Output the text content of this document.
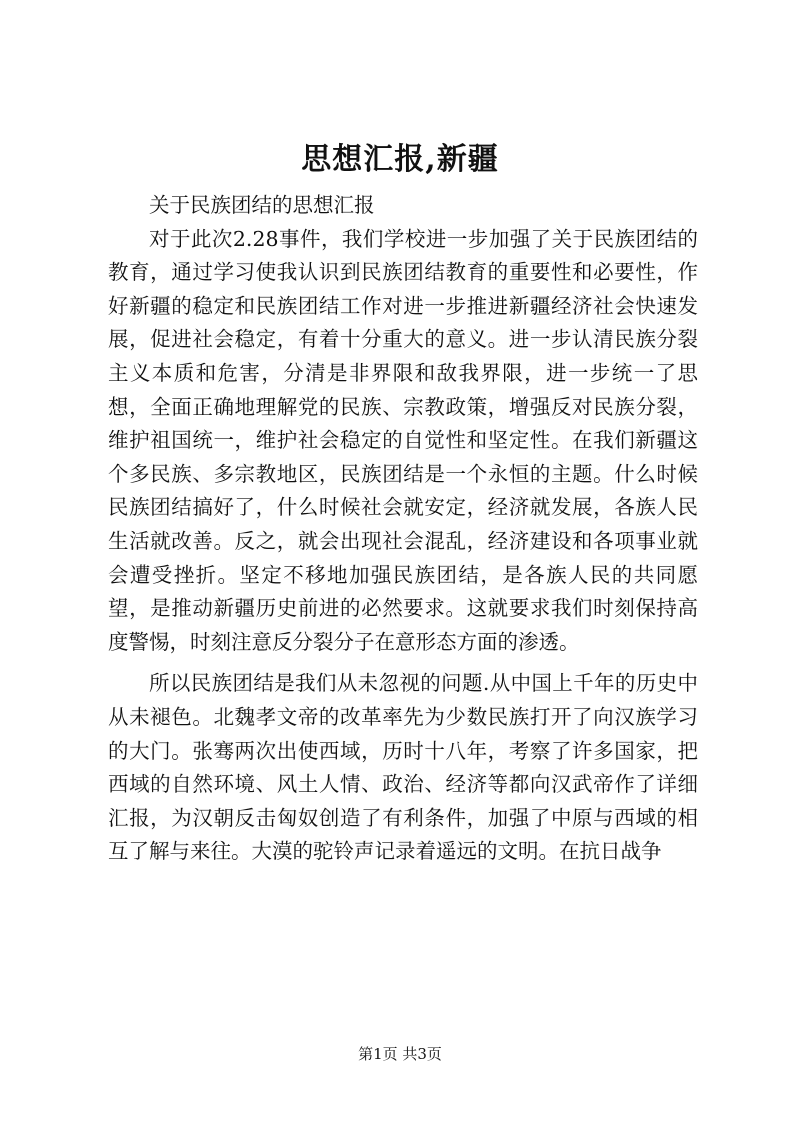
思想汇报,新疆

关于民族团结的思想汇报

对于此次2.28事件，我们学校进一步加强了关于民族团结的教育，通过学习使我认识到民族团结教育的重要性和必要性，作好新疆的稳定和民族团结工作对进一步推进新疆经济社会快速发展，促进社会稳定，有着十分重大的意义。进一步认清民族分裂主义本质和危害，分清是非界限和敌我界限，进一步统一了思想，全面正确地理解党的民族、宗教政策，增强反对民族分裂，维护祖国统一，维护社会稳定的自觉性和坚定性。在我们新疆这个多民族、多宗教地区，民族团结是一个永恒的主题。什么时候民族团结搞好了，什么时候社会就安定，经济就发展，各族人民生活就改善。反之，就会出现社会混乱，经济建设和各项事业就会遭受挫折。坚定不移地加强民族团结，是各族人民的共同愿望，是推动新疆历史前进的必然要求。这就要求我们时刻保持高度警惕，时刻注意反分裂分子在意形态方面的渗透。

所以民族团结是我们从未忽视的问题.从中国上千年的历史中从未褪色。北魏孝文帝的改革率先为少数民族打开了向汉族学习的大门。张骞两次出使西域，历时十八年，考察了许多国家，把西域的自然环境、风土人情、政治、经济等都向汉武帝作了详细汇报，为汉朝反击匈奴创造了有利条件，加强了中原与西域的相互了解与来往。大漠的驼铃声记录着遥远的文明。在抗日战争

第1页 共3页
